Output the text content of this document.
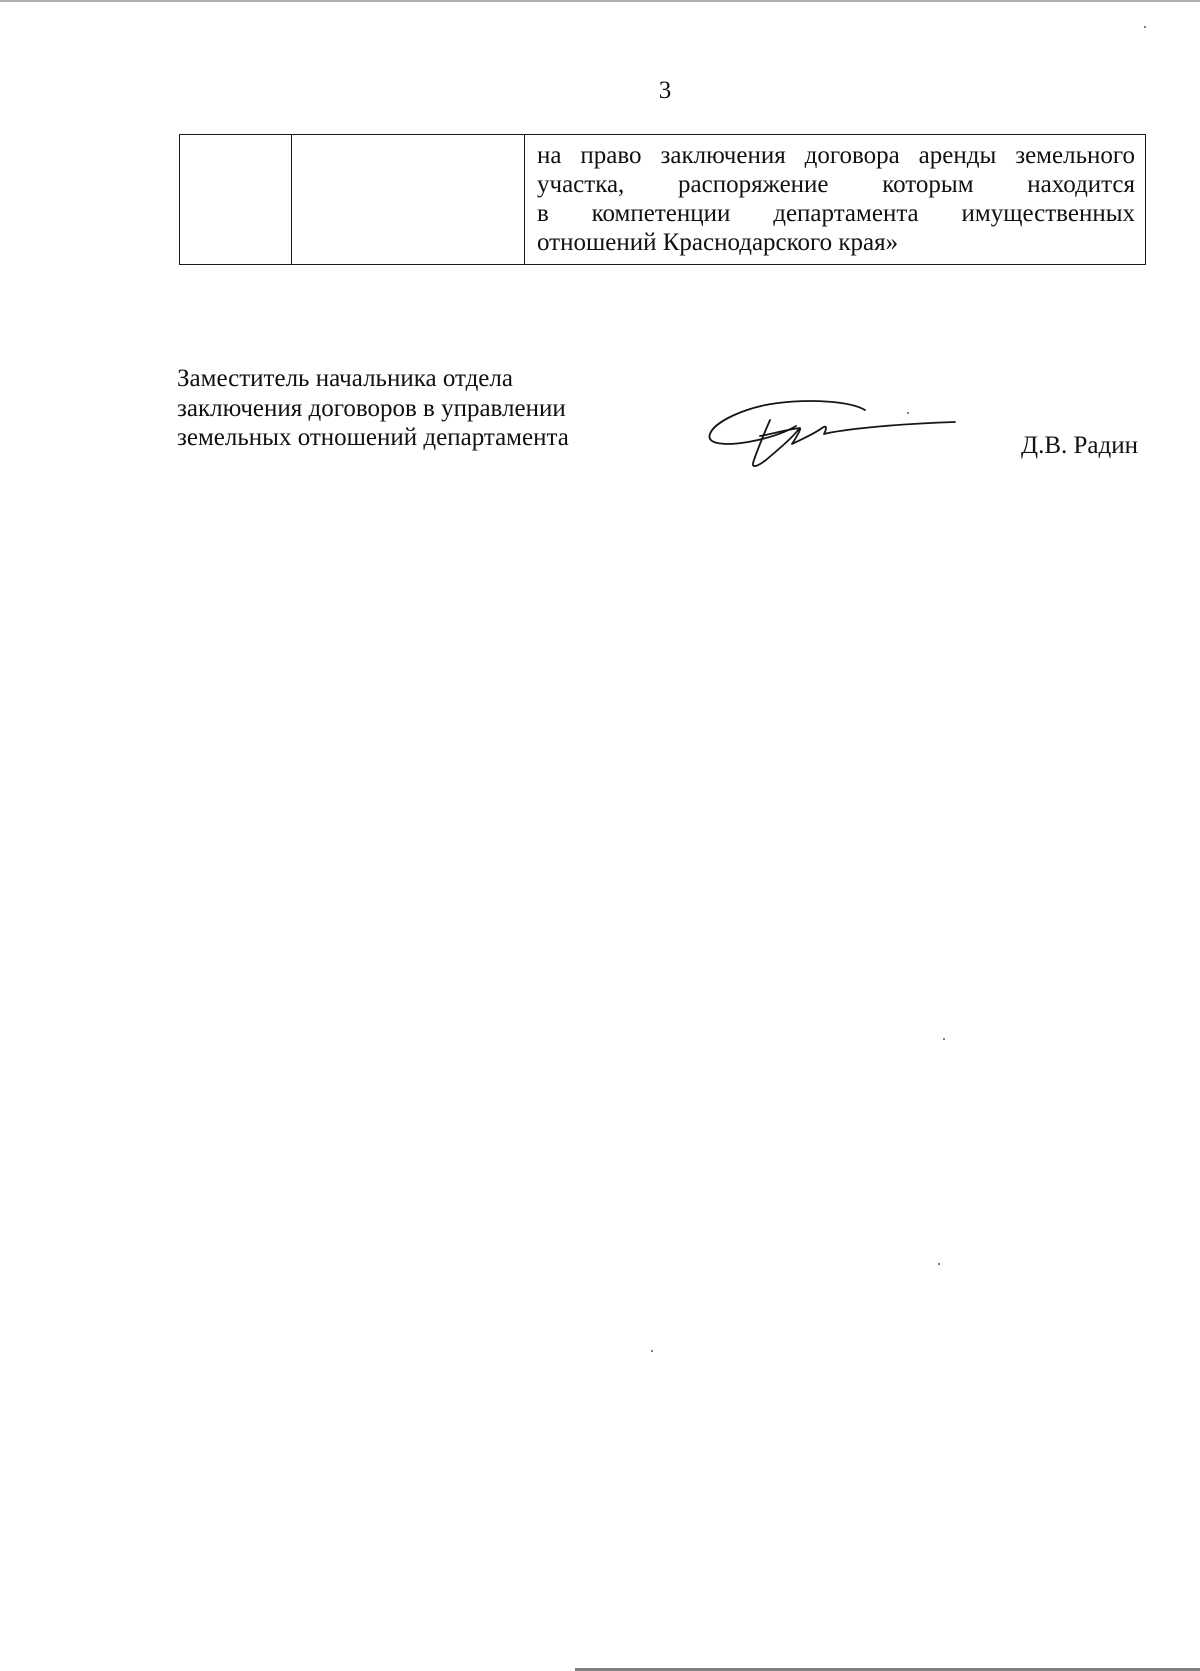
3

на право заключения договора аренды земельного
участка, распоряжение которым находится
в компетенции департамента имущественных
отношений Краснодарского края»
Заместитель начальника отдела
заключения договоров в управлении
земельных отношений департамента	Д.В. Радин
